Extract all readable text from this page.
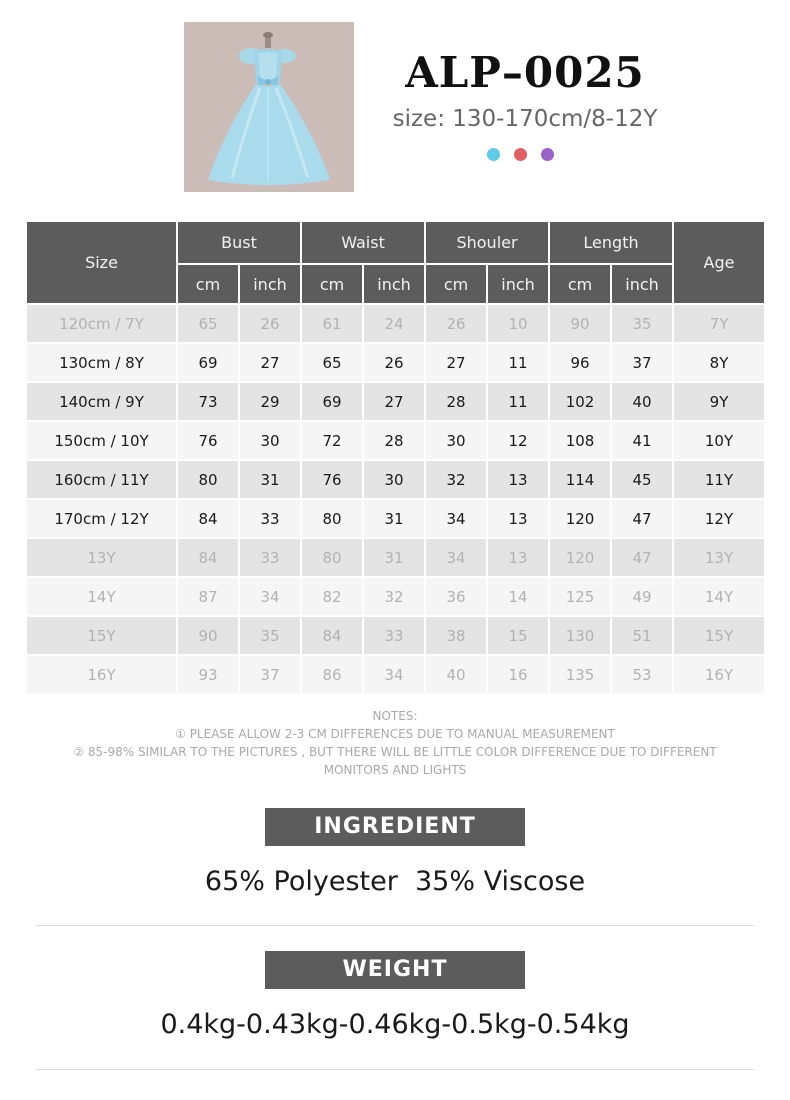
ALP–0025
size: 130-170cm/8-12Y
Size	Bust		Waist		Shouler		Length		Age
	cm	inch	cm	inch	cm	inch	cm	inch	
120cm / 7Y	65	26	61	24	26	10	90	35	7Y
130cm / 8Y	69	27	65	26	27	11	96	37	8Y
140cm / 9Y	73	29	69	27	28	11	102	40	9Y
150cm / 10Y	76	30	72	28	30	12	108	41	10Y
160cm / 11Y	80	31	76	30	32	13	114	45	11Y
170cm / 12Y	84	33	80	31	34	13	120	47	12Y
13Y	84	33	80	31	34	13	120	47	13Y
14Y	87	34	82	32	36	14	125	49	14Y
15Y	90	35	84	33	38	15	130	51	15Y
16Y	93	37	86	34	40	16	135	53	16Y
NOTES:
① PLEASE ALLOW 2-3 CM DIFFERENCES DUE TO MANUAL MEASUREMENT
② 85-98% SIMILAR TO THE PICTURES , BUT THERE WILL BE LITTLE COLOR DIFFERENCE DUE TO DIFFERENT
MONITORS AND LIGHTS
INGREDIENT
65% Polyester  35% Viscose
WEIGHT
0.4kg-0.43kg-0.46kg-0.5kg-0.54kg
